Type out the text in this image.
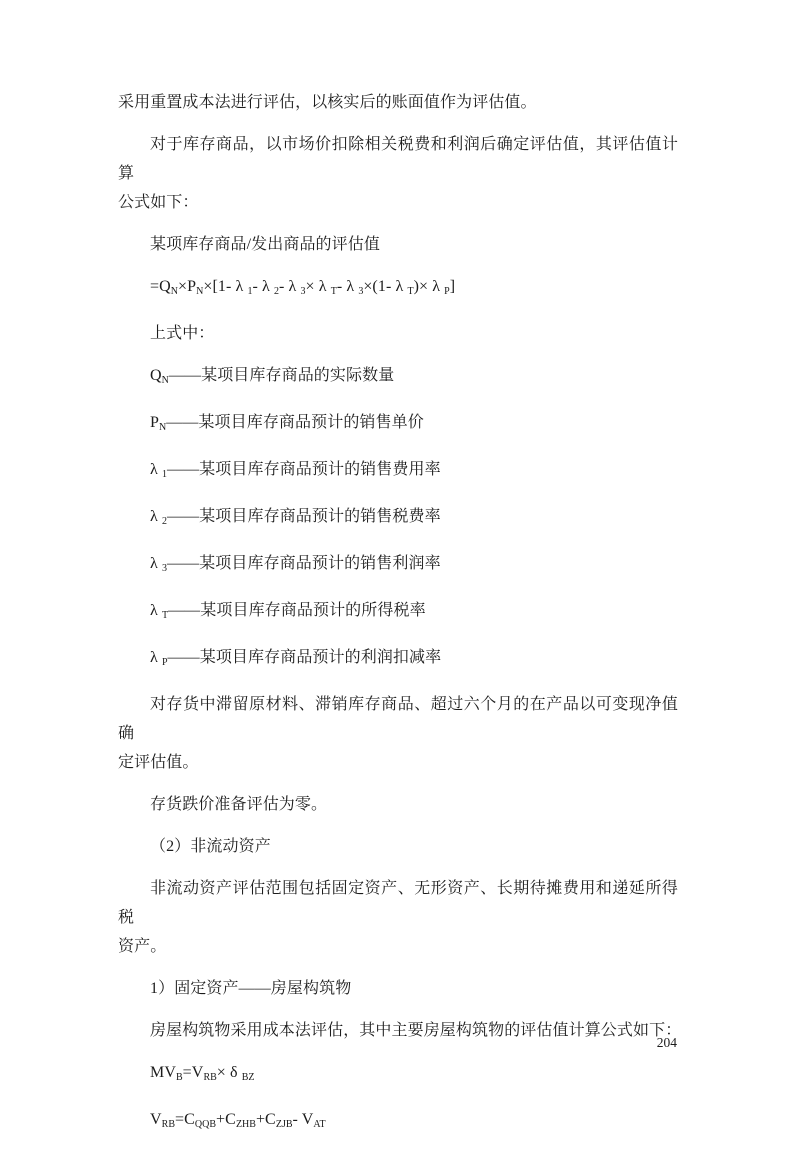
采用重置成本法进行评估，以核实后的账面值作为评估值。
对于库存商品，以市场价扣除相关税费和利润后确定评估值，其评估值计算
公式如下：
某项库存商品/发出商品的评估值
$=Q_N\times P_N\times[1-$ λ $_1$- λ $_2$- λ $_3$× λ $_T$- λ $_3$×(1- λ $_T$)× λ $_P$]
上式中：
$Q_N——$某项目库存商品的实际数量
$P_N——$某项目库存商品预计的销售单价
λ $_1$——某项目库存商品预计的销售费用率
λ $_2$——某项目库存商品预计的销售税费率
λ $_3$——某项目库存商品预计的销售利润率
λ $_T$——某项目库存商品预计的所得税率
λ $_P$——某项目库存商品预计的利润扣减率
对存货中滞留原材料、滞销库存商品、超过六个月的在产品以可变现净值确
定评估值。
存货跌价准备评估为零。
（2）非流动资产
非流动资产评估范围包括固定资产、无形资产、长期待摊费用和递延所得税
资产。
1）固定资产——房屋构筑物
房屋构筑物采用成本法评估，其中主要房屋构筑物的评估值计算公式如下：
$MV_B=V_{RB}\times \delta$ $_{BZ}$
$V_{RB}=C_{QQB}+C_{ZHB}+C_{ZJB}-$ $V_{AT}$
204
